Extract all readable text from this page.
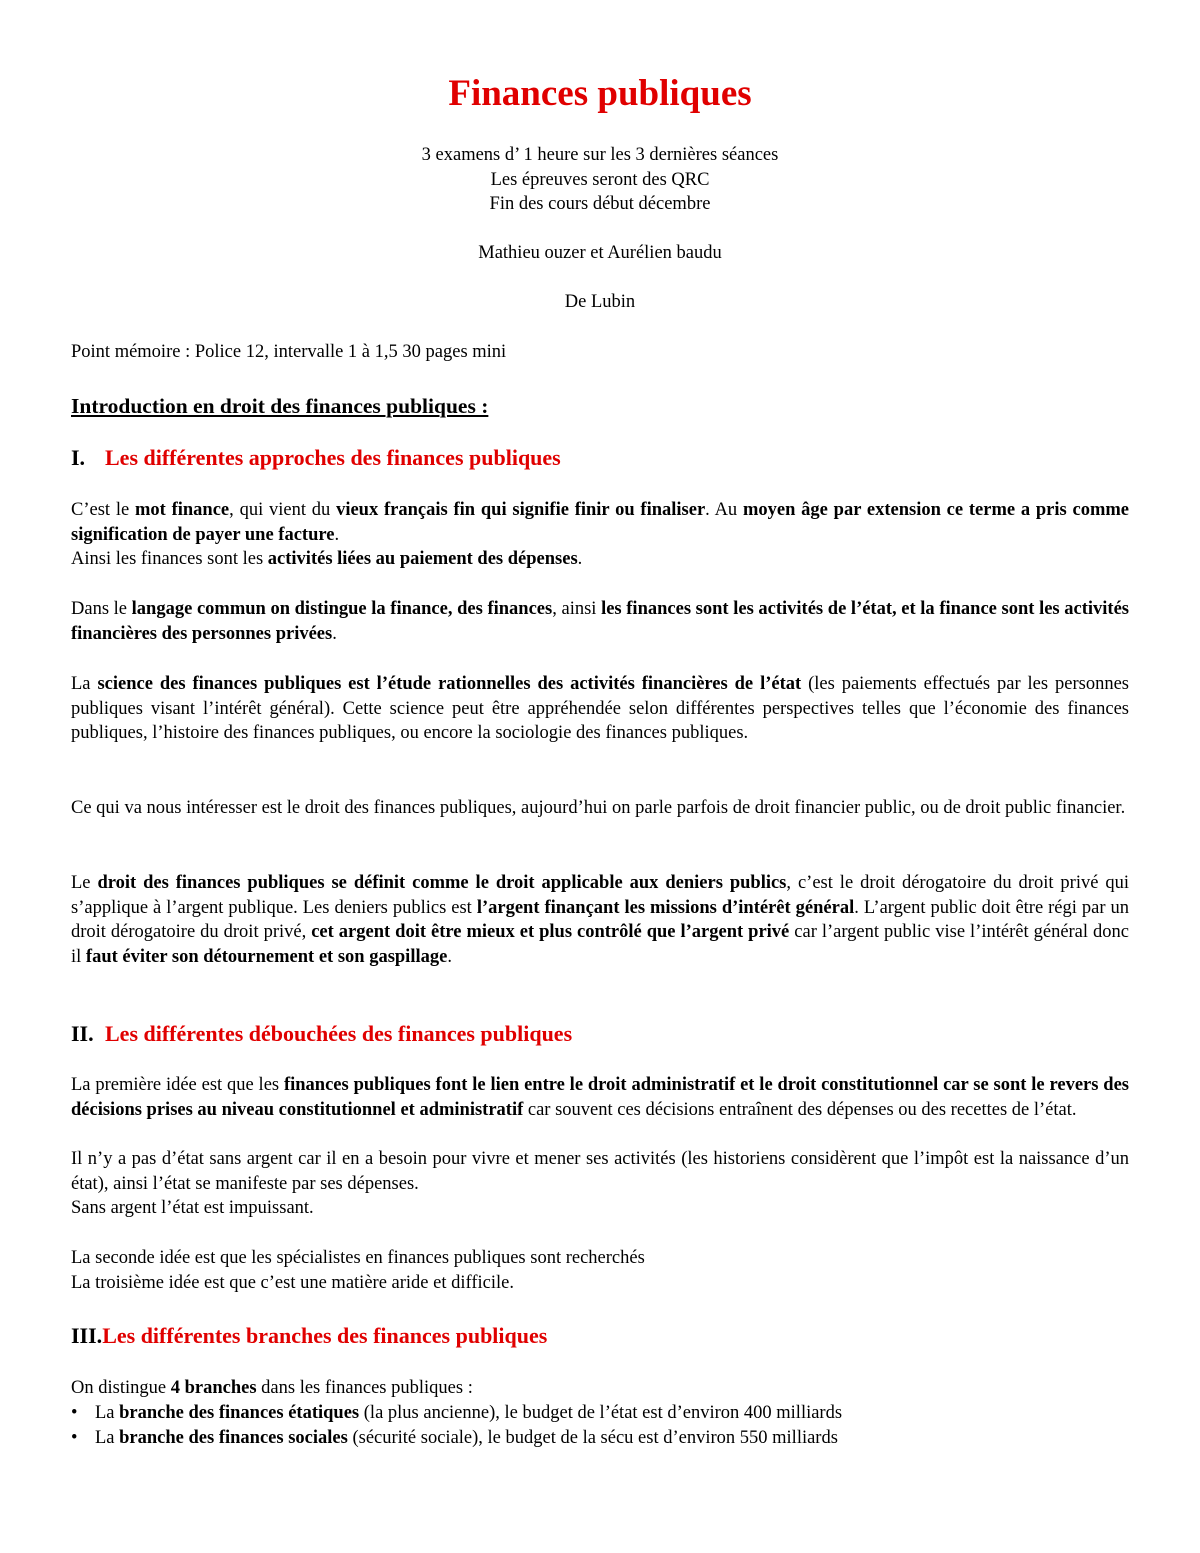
Finances publiques
3 examens d’ 1 heure sur les 3 dernières séances
Les épreuves seront des QRC
Fin des cours début décembre
Mathieu ouzer et Aurélien baudu
De Lubin
Point mémoire : Police 12, intervalle 1 à 1,5 30 pages mini
Introduction en droit des finances publiques :
I. Les différentes approches des finances publiques

C’est le mot finance, qui vient du vieux français fin qui signifie finir ou finaliser. Au moyen âge par extension ce terme a pris comme signification de payer une facture.

Ainsi les finances sont les activités liées au paiement des dépenses.

Dans le langage commun on distingue la finance, des finances, ainsi les finances sont les activités de l’état, et la finance sont les activités financières des personnes privées.

La science des finances publiques est l’étude rationnelles des activités financières de l’état (les paiements effectués par les personnes publiques visant l’intérêt général). Cette science peut être appréhendée selon différentes perspectives telles que l’économie des finances publiques, l’histoire des finances publiques, ou encore la sociologie des finances publiques.

Ce qui va nous intéresser est le droit des finances publiques, aujourd’hui on parle parfois de droit financier public, ou de droit public financier.

Le droit des finances publiques se définit comme le droit applicable aux deniers publics, c’est le droit dérogatoire du droit privé qui s’applique à l’argent publique. Les deniers publics est l’argent finançant les missions d’intérêt général. L’argent public doit être régi par un droit dérogatoire du droit privé, cet argent doit être mieux et plus contrôlé que l’argent privé car l’argent public vise l’intérêt général donc il faut éviter son détournement et son gaspillage.

II. Les différentes débouchées des finances publiques

La première idée est que les finances publiques font le lien entre le droit administratif et le droit constitutionnel car se sont le revers des décisions prises au niveau constitutionnel et administratif car souvent ces décisions entraînent des dépenses ou des recettes de l’état.

Il n’y a pas d’état sans argent car il en a besoin pour vivre et mener ses activités (les historiens considèrent que l’impôt est la naissance d’un état), ainsi l’état se manifeste par ses dépenses.

Sans argent l’état est impuissant.

La seconde idée est que les spécialistes en finances publiques sont recherchés

La troisième idée est que c’est une matière aride et difficile.

III.Les différentes branches des finances publiques

On distingue 4 branches dans les finances publiques :

• La branche des finances étatiques (la plus ancienne), le budget de l’état est d’environ 400 milliards
• La branche des finances sociales (sécurité sociale), le budget de la sécu est d’environ 550 milliards
